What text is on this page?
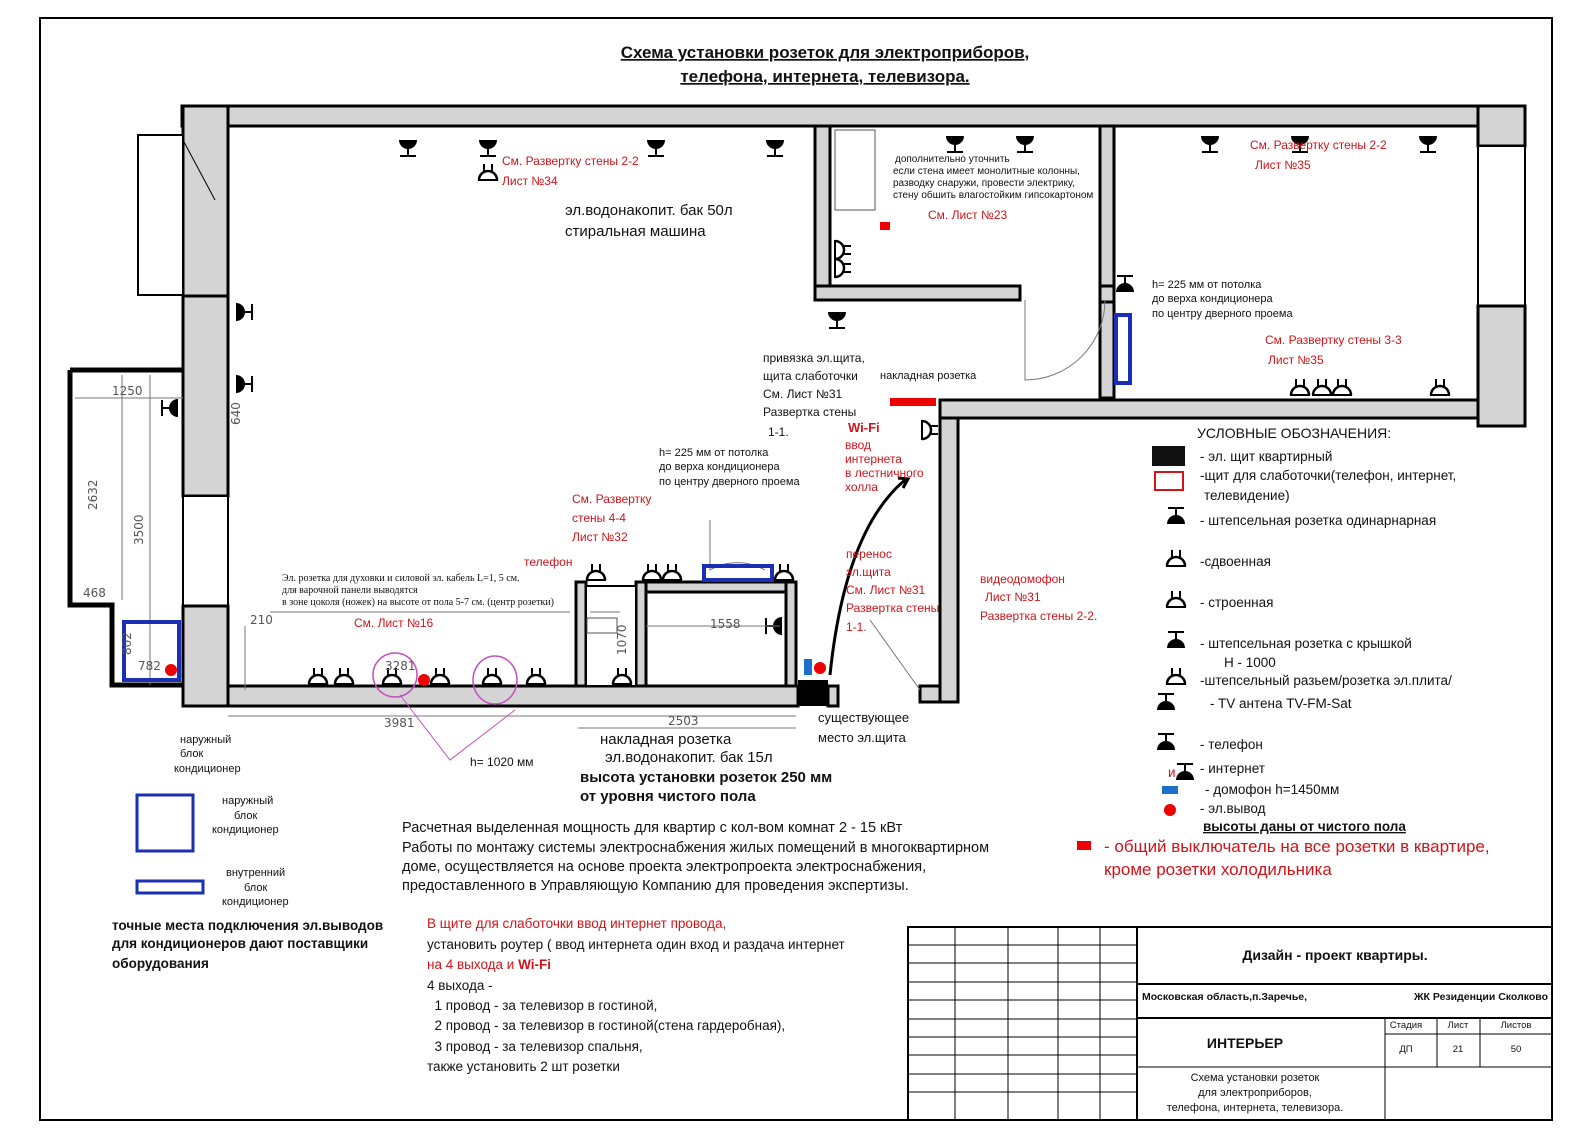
Схема установки розеток для электроприборов,
телефона, интернета, телевизора.
1250
640
2632
3500
468
802
782
210
3281
3981	2503
1070
1558
См. Развертку стены 2-2
Лист №34
См. Лист №23
См. Развертку стены 2-2
Лист №35
См. Развертку стены 3-3
Лист №35
См. Развертку
стены 4-4
Лист №32
телефон
См. Лист №16
перенос
эл.щита
См. Лист №31
Развертка стены
1-1.
видеодомофон
Лист №31
Развертка стены 2-2.
Wi-Fi
ввод
интернета
в лестничного
холла
эл.водонакопит. бак 50л
стиральная машина
накладная розетка
эл.водонакопит. бак 15л
существующее
место эл.щита
дополнительно уточнить
если стена имеет монолитные колонны,
разводку снаружи, провести электрику,
стену обшить влагостойким гипсокартоном
h= 225 мм от потолка
до верха кондиционера
по центру дверного проема
h= 225 мм от потолка
до верха кондиционера
по центру дверного проема
накладная розетка
h= 1020 мм
наружный
блок
кондиционер
привязка эл.щита,
щита слаботочки
См. Лист №31
Развертка стены
1-1.
Эл. розетка для духовки и силовой эл. кабель L=1, 5 см.
для варочной панели выводятся
в зоне цоколя (ножек) на высоте от пола 5-7 см. (центр розетки)
высота установки розеток 250 мм
от уровня чистого пола
УСЛОВНЫЕ ОБОЗНАЧЕНИЯ:
- эл. щит квартирный
-щит для слаботочки(телефон, интернет,
телевидение)
- штепсельная розетка одинарнарная
-сдвоенная
- строенная
- штепсельная розетка с крышкой
H - 1000
-штепсельный разьем/розетка эл.плита/
- TV антена TV-FM-Sat
- телефон
- интернет
- домофон h=1450мм
- эл.вывод
и
высоты даны от чистого пола
- общий выключатель на все розетки в квартире,
кроме розетки холодильника
наружный
блок
кондиционер
внутренний
блок
кондиционер
точные места подключения эл.выводов
для кондиционеров дают поставщики
оборудования
Расчетная выделенная мощность для квартир с кол-вом комнат 2 - 15 кВт
Работы по монтажу системы электроснабжения жилых помещений в многоквартирном
доме, осуществляется на основе проекта электропроекта электроснабжения,
предоставленного в Управляющую Компанию для проведения экспертизы.
В щите для слаботочки ввод интернет провода,
установить роутер ( ввод интернета один вход и раздача интернет
на 4 выхода и Wi-Fi
4 выхода -
1 провод - за телевизор в гостиной,
2 провод - за телевизор в гостиной(стена гардеробная),
3 провод - за телевизор спальня,
также установить 2 шт розетки
Дизайн - проект квартиры.
Московская область,п.Заречье,	ЖК Резиденции Сколково
ИНТЕРЬЕР
Стадия	Лист	Листов
ДП	21	50
Схема установки розеток
для электроприборов,
телефона, интернета, телевизора.
